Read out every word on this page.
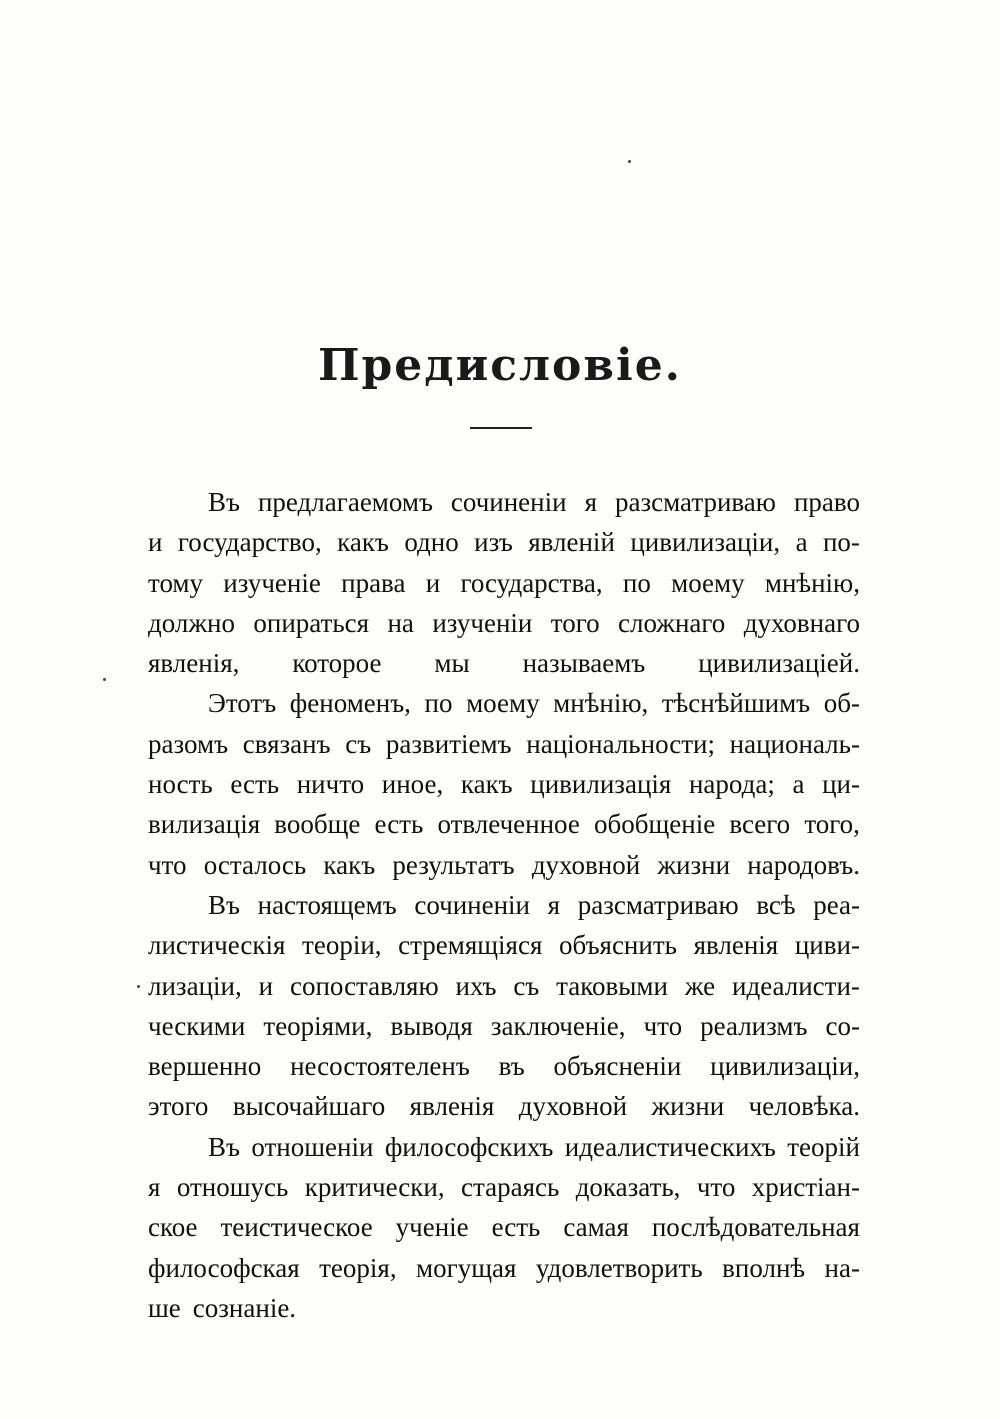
Предисловіе.
Въ предлагаемомъ сочиненіи я разсматриваю право
и государство, какъ одно изъ явленій цивилизаціи, а по-
тому изученіе права и государства, по моему мнѣнію,
должно опираться на изученіи того сложнаго духовнаго
явленія, которое мы называемъ цивилизаціей.
Этотъ феноменъ, по моему мнѣнію, тѣснѣйшимъ об-
разомъ связанъ съ развитіемъ національности; националь-
ность есть ничто иное, какъ цивилизація народа; а ци-
вилизація вообще есть отвлеченное обобщеніе всего того,
что осталось какъ результатъ духовной жизни народовъ.
Въ настоящемъ сочиненіи я разсматриваю всѣ реа-
листическія теоріи, стремящіяся объяснить явленія циви-
лизаціи, и сопоставляю ихъ съ таковыми же идеалисти-
ческими теоріями, выводя заключеніе, что реализмъ со-
вершенно несостоятеленъ въ объясненіи цивилизаціи,
этого высочайшаго явленія духовной жизни человѣка.
Въ отношеніи философскихъ идеалистическихъ теорій
я отношусь критически, стараясь доказать, что христіан-
ское теистическое ученіе есть самая послѣдовательная
философская теорія, могущая удовлетворить вполнѣ на-
ше сознаніе.
